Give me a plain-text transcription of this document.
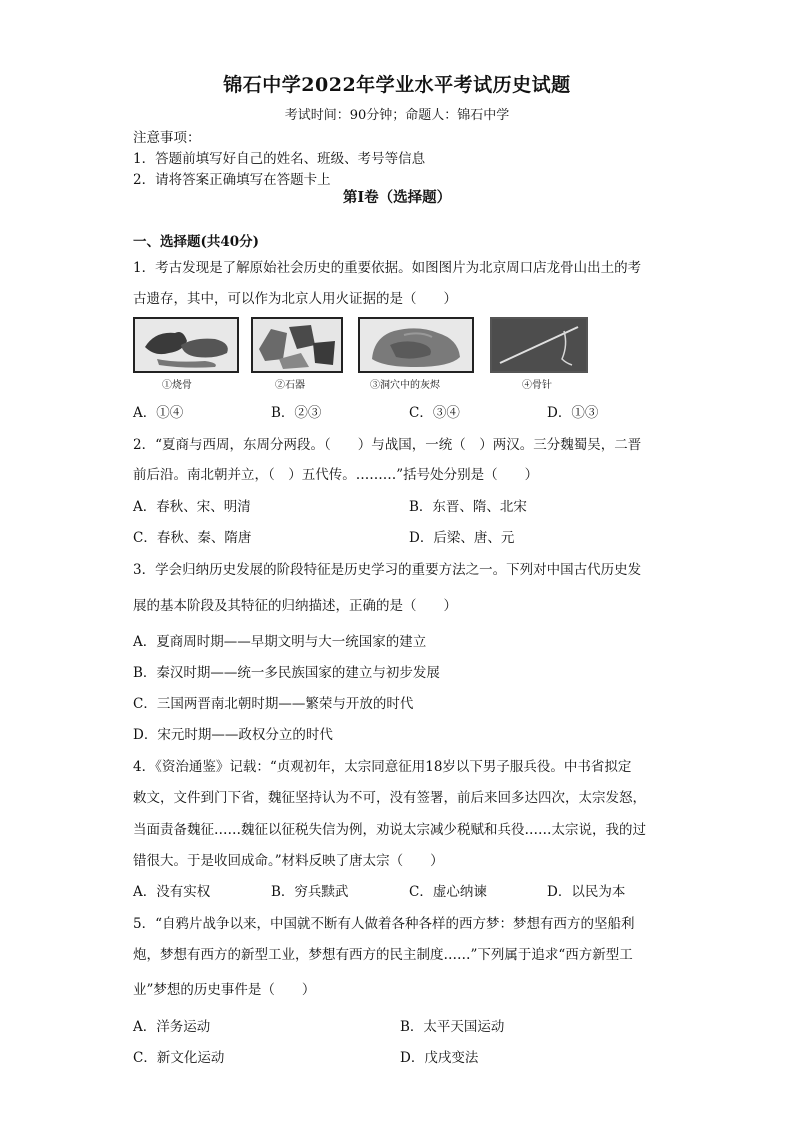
锦石中学2022年学业水平考试历史试题
考试时间：90分钟；命题人：锦石中学
注意事项：
1．答题前填写好自己的姓名、班级、考号等信息
2．请将答案正确填写在答题卡上
第I卷（选择题）
一、选择题(共40分)
1．考古发现是了解原始社会历史的重要依据。如图图片为北京周口店龙骨山出土的考
古遗存，其中，可以作为北京人用火证据的是（　　）
①烧骨	②石器	③洞穴中的灰烬	④骨针
A．①④	B．②③	C．③④	D．①③
2．“夏商与西周，东周分两段。（　　）与战国，一统（　）两汉。三分魏蜀吴，二晋
前后沿。南北朝并立，（　）五代传。………”括号处分别是（　　）
A．春秋、宋、明清	B．东晋、隋、北宋
C．春秋、秦、隋唐	D．后梁、唐、元
3．学会归纳历史发展的阶段特征是历史学习的重要方法之一。下列对中国古代历史发
展的基本阶段及其特征的归纳描述，正确的是（　　）
A．夏商周时期——早期文明与大一统国家的建立
B．秦汉时期——统一多民族国家的建立与初步发展
C．三国两晋南北朝时期——繁荣与开放的时代
D．宋元时期——政权分立的时代
4．《资治通鉴》记载：“贞观初年，太宗同意征用18岁以下男子服兵役。中书省拟定
敕文，文件到门下省，魏征坚持认为不可，没有签署，前后来回多达四次，太宗发怒，
当面责备魏征……魏征以征税失信为例，劝说太宗减少税赋和兵役……太宗说，我的过
错很大。于是收回成命。”材料反映了唐太宗（　　）
A．没有实权	B．穷兵黩武	C．虚心纳谏	D．以民为本
5．“自鸦片战争以来，中国就不断有人做着各种各样的西方梦：梦想有西方的坚船利
炮，梦想有西方的新型工业，梦想有西方的民主制度……”下列属于追求“西方新型工
业”梦想的历史事件是（　　）
A．洋务运动	B．太平天国运动
C．新文化运动	D．戊戌变法
